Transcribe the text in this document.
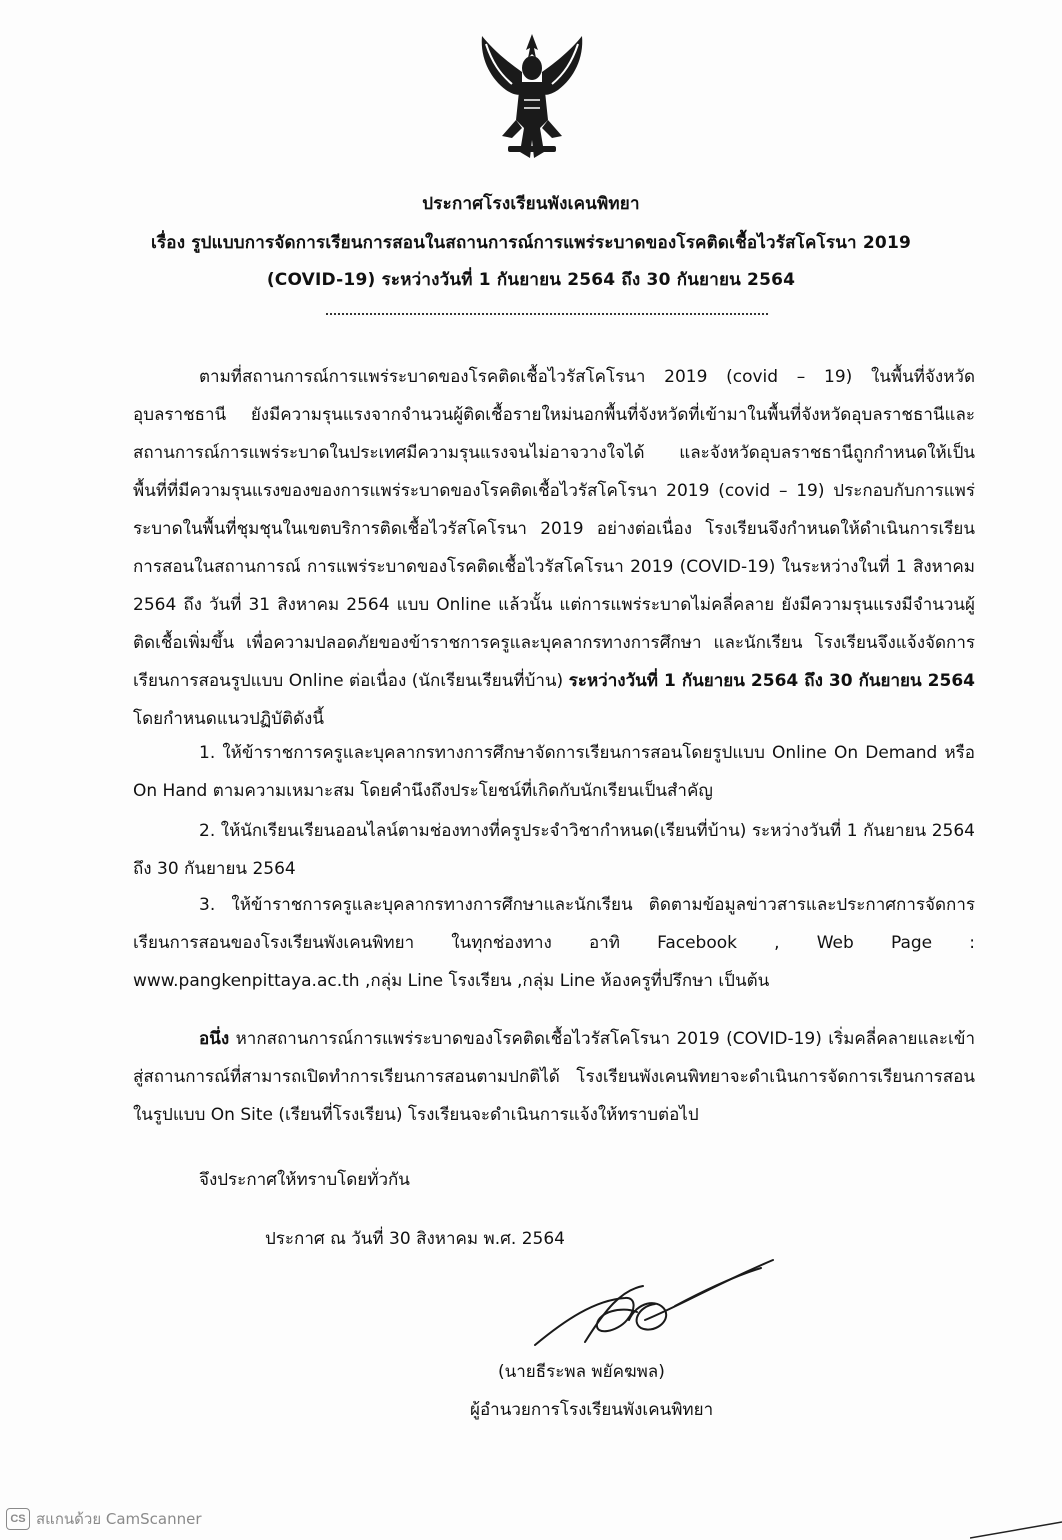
ประกาศโรงเรียนพังเคนพิทยา
เรื่อง รูปแบบการจัดการเรียนการสอนในสถานการณ์การแพร่ระบาดของโรคติดเชื้อไวรัสโคโรนา 2019
(COVID-19) ระหว่างวันที่ 1 กันยายน 2564 ถึง 30 กันยายน 2564

ตามที่สถานการณ์การแพร่ระบาดของโรคติดเชื้อไวรัสโคโรนา 2019 (covid – 19) ในพื้นที่จังหวัดอุบลราชธานี ยังมีความรุนแรงจากจำนวนผู้ติดเชื้อรายใหม่นอกพื้นที่จังหวัดที่เข้ามาในพื้นที่จังหวัดอุบลราชธานีและสถานการณ์การแพร่ระบาดในประเทศมีความรุนแรงจนไม่อาจวางใจได้ และจังหวัดอุบลราชธานีถูกกำหนดให้เป็นพื้นที่ที่มีความรุนแรงของของการแพร่ระบาดของโรคติดเชื้อไวรัสโคโรนา 2019 (covid – 19) ประกอบกับการแพร่ระบาดในพื้นที่ชุมชุนในเขตบริการติดเชื้อไวรัสโคโรนา 2019 อย่างต่อเนื่อง โรงเรียนจึงกำหนดให้ดำเนินการเรียนการสอนในสถานการณ์ การแพร่ระบาดของโรคติดเชื้อไวรัสโคโรนา 2019 (COVID-19) ในระหว่างในที่ 1 สิงหาคม 2564 ถึง วันที่ 31 สิงหาคม 2564 แบบ Online แล้วนั้น แต่การแพร่ระบาดไม่คลี่คลาย ยังมีความรุนแรงมีจำนวนผู้ติดเชื้อเพิ่มขึ้น เพื่อความปลอดภัยของข้าราชการครูและบุคลากรทางการศึกษา และนักเรียน โรงเรียนจึงแจ้งจัดการเรียนการสอนรูปแบบ Online ต่อเนื่อง (นักเรียนเรียนที่บ้าน) ระหว่างวันที่ 1 กันยายน 2564 ถึง 30 กันยายน 2564 โดยกำหนดแนวปฏิบัติดังนี้

1. ให้ข้าราชการครูและบุคลากรทางการศึกษาจัดการเรียนการสอนโดยรูปแบบ Online On Demand หรือ On Hand ตามความเหมาะสม โดยคำนึงถึงประโยชน์ที่เกิดกับนักเรียนเป็นสำคัญ

2. ให้นักเรียนเรียนออนไลน์ตามช่องทางที่ครูประจำวิชากำหนด(เรียนที่บ้าน) ระหว่างวันที่ 1 กันยายน 2564 ถึง 30 กันยายน 2564

3. ให้ข้าราชการครูและบุคลากรทางการศึกษาและนักเรียน ติดตามข้อมูลข่าวสารและประกาศการจัดการเรียนการสอนของโรงเรียนพังเคนพิทยา ในทุกช่องทาง อาทิ Facebook , Web Page : www.pangkenpittaya.ac.th ,กลุ่ม Line โรงเรียน ,กลุ่ม Line ห้องครูที่ปรึกษา เป็นต้น

อนึ่ง หากสถานการณ์การแพร่ระบาดของโรคติดเชื้อไวรัสโคโรนา 2019 (COVID-19) เริ่มคลี่คลายและเข้าสู่สถานการณ์ที่สามารถเปิดทำการเรียนการสอนตามปกติได้ โรงเรียนพังเคนพิทยาจะดำเนินการจัดการเรียนการสอนในรูปแบบ On Site (เรียนที่โรงเรียน) โรงเรียนจะดำเนินการแจ้งให้ทราบต่อไป

จึงประกาศให้ทราบโดยทั่วกัน
ประกาศ ณ วันที่ 30 สิงหาคม พ.ศ. 2564
(นายธีระพล พยัคฆพล)
ผู้อำนวยการโรงเรียนพังเคนพิทยา
CS สแกนด้วย CamScanner
